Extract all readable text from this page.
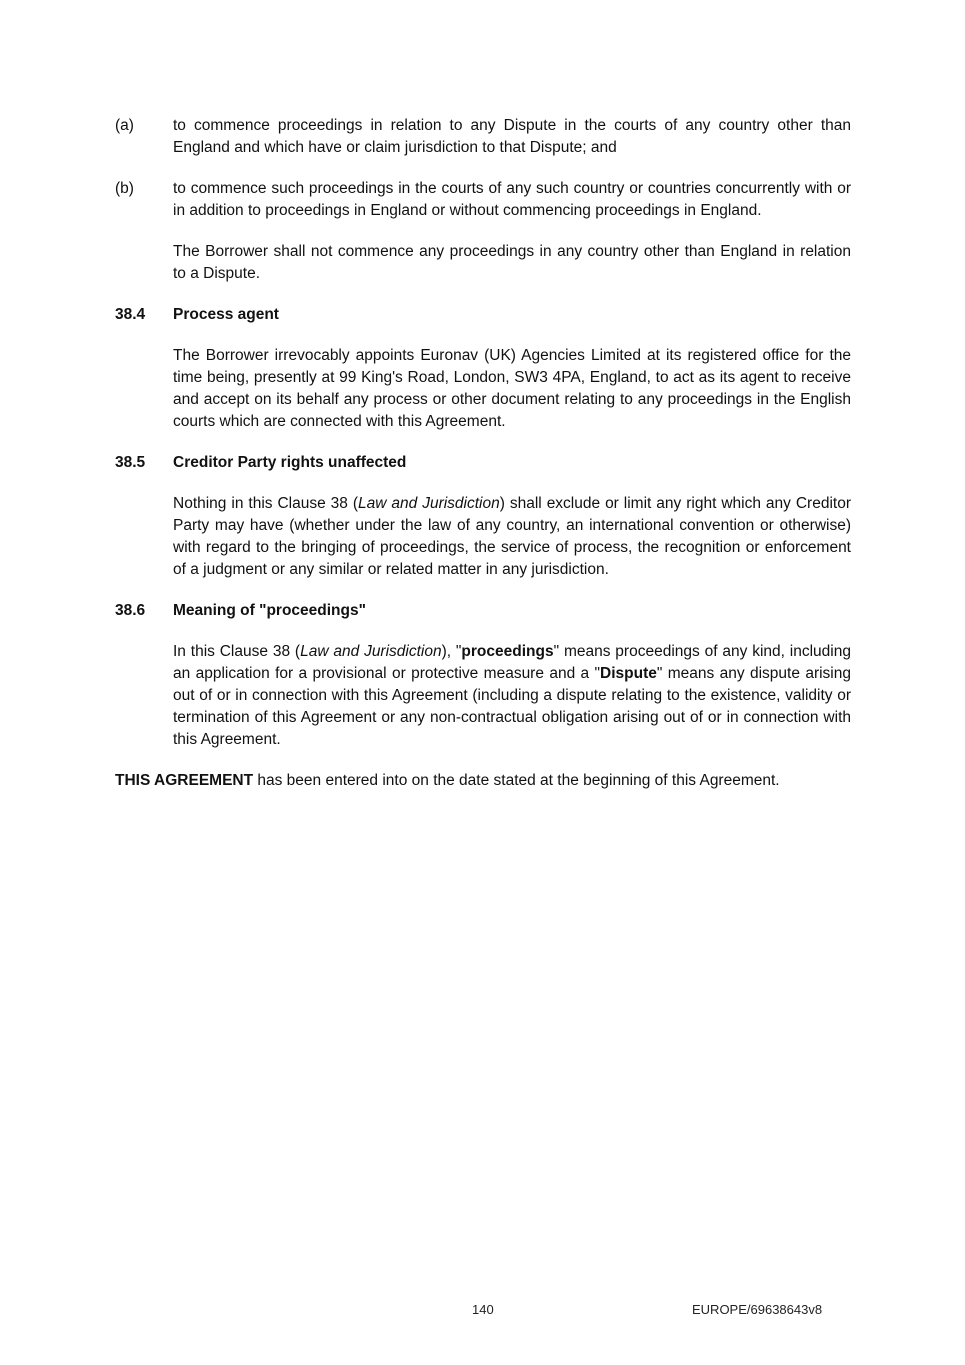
(a)	to commence proceedings in relation to any Dispute in the courts of any country other than England and which have or claim jurisdiction to that Dispute; and
(b)	to commence such proceedings in the courts of any such country or countries concurrently with or in addition to proceedings in England or without commencing proceedings in England.
The Borrower shall not commence any proceedings in any country other than England in relation to a Dispute.
38.4	Process agent
The Borrower irrevocably appoints Euronav (UK) Agencies Limited at its registered office for the time being, presently at 99 King's Road, London, SW3 4PA, England, to act as its agent to receive and accept on its behalf any process or other document relating to any proceedings in the English courts which are connected with this Agreement.
38.5	Creditor Party rights unaffected
Nothing in this Clause 38 (Law and Jurisdiction) shall exclude or limit any right which any Creditor Party may have (whether under the law of any country, an international convention or otherwise) with regard to the bringing of proceedings, the service of process, the recognition or enforcement of a judgment or any similar or related matter in any jurisdiction.
38.6	Meaning of "proceedings"
In this Clause 38 (Law and Jurisdiction), "proceedings" means proceedings of any kind, including an application for a provisional or protective measure and a "Dispute" means any dispute arising out of or in connection with this Agreement (including a dispute relating to the existence, validity or termination of this Agreement or any non-contractual obligation arising out of or in connection with this Agreement.
THIS AGREEMENT has been entered into on the date stated at the beginning of this Agreement.
140	EUROPE/69638643v8
